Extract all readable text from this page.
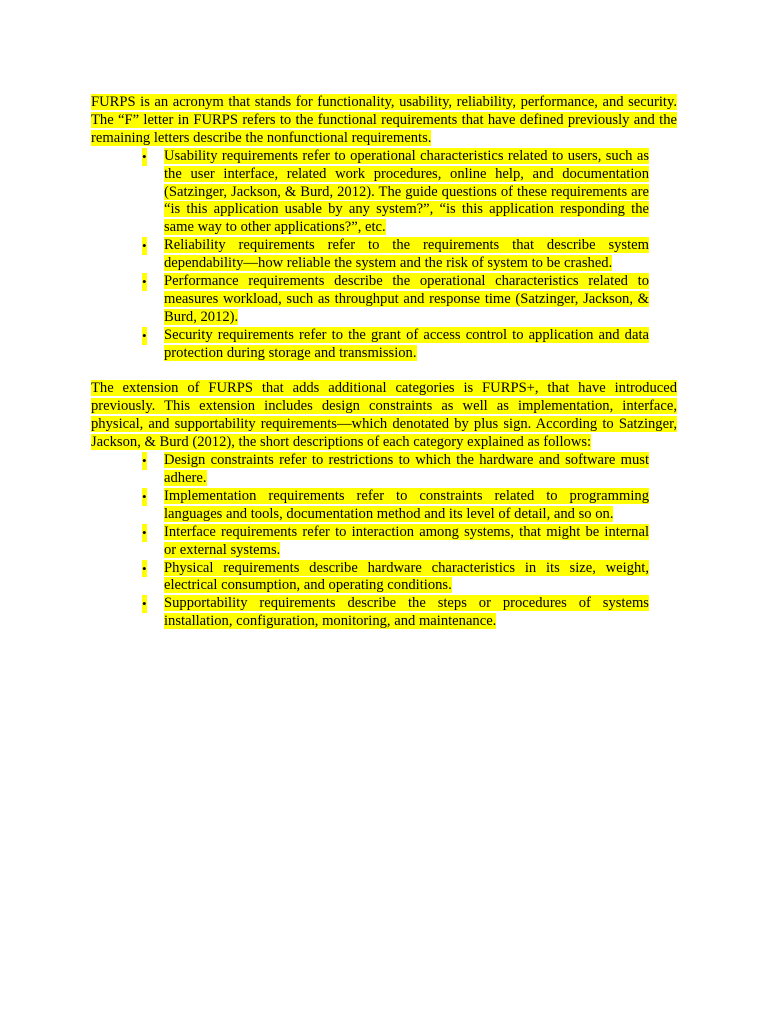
FURPS is an acronym that stands for functionality, usability, reliability, performance, and security. The “F” letter in FURPS refers to the functional requirements that have defined previously and the remaining letters describe the nonfunctional requirements.

• Usability requirements refer to operational characteristics related to users, such as the user interface, related work procedures, online help, and documentation (Satzinger, Jackson, & Burd, 2012). The guide questions of these requirements are “is this application usable by any system?”, “is this application responding the same way to other applications?”, etc.
• Reliability requirements refer to the requirements that describe system dependability—how reliable the system and the risk of system to be crashed.
• Performance requirements describe the operational characteristics related to measures workload, such as throughput and response time (Satzinger, Jackson, & Burd, 2012).
• Security requirements refer to the grant of access control to application and data protection during storage and transmission.

The extension of FURPS that adds additional categories is FURPS+, that have introduced previously. This extension includes design constraints as well as implementation, interface, physical, and supportability requirements—which denotated by plus sign. According to Satzinger, Jackson, & Burd (2012), the short descriptions of each category explained as follows:

• Design constraints refer to restrictions to which the hardware and software must adhere.
• Implementation requirements refer to constraints related to programming languages and tools, documentation method and its level of detail, and so on.
• Interface requirements refer to interaction among systems, that might be internal or external systems.
• Physical requirements describe hardware characteristics in its size, weight, electrical consumption, and operating conditions.
• Supportability requirements describe the steps or procedures of systems installation, configuration, monitoring, and maintenance.
